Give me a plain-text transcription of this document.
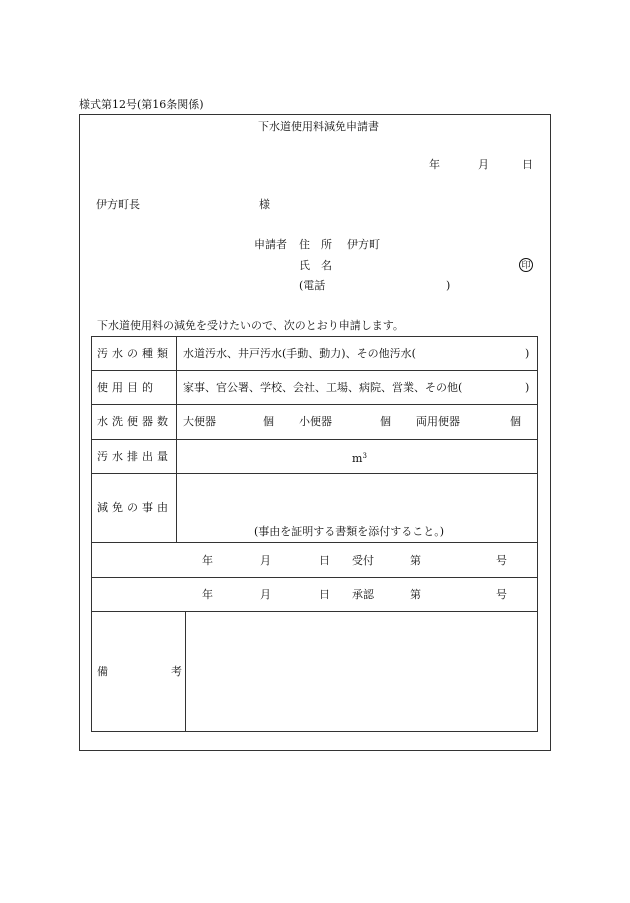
様式第12号(第16条関係)
下水道使用料減免申請書
年	月	日
伊方町長	様
申請者 住　所 伊方町
氏　名	印
(電話	)
下水道使用料の減免を受けたいので、次のとおり申請します。
汚水の種類 水道汚水、井戸汚水(手動、動力)、その他汚水(	)
使用目的 家事、官公署、学校、会社、工場、病院、営業、その他(	)
水洗便器数 大便器	個 小便器	個 両用便器	個
汚水排出量	$m^3$
減免の事由
(事由を証明する書類を添付すること。)
年	月	日 受付	第	号
年	月	日 承認	第	号
備	考
